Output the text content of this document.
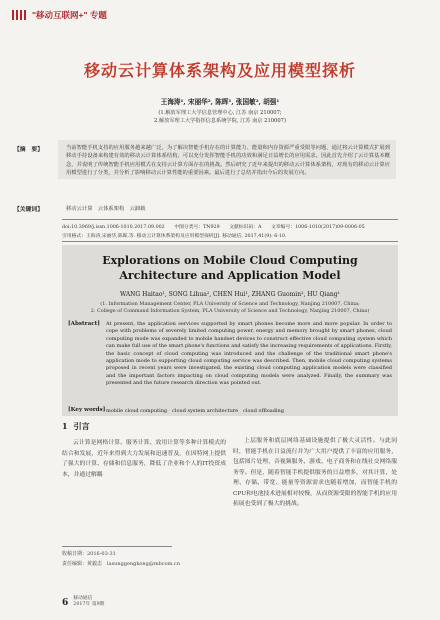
"移动互联网+" 专题
移动云计算体系架构及应用模型探析
王海涛¹, 宋丽华², 陈晖¹, 张国敏², 胡强¹
(1.解放军理工大学信息管理中心, 江苏 南京 210007;
2.解放军理工大学指挥信息系统学院, 江苏 南京 210007)
【摘　要】	当前智能手机支持的应用服务越来越广泛，为了解决智能手机存在的计算能力、能量和内存资源严重受限等问题，通过将云计算模式扩展到移动手持设备来构建有效的移动云计算体系结构，可以充分发挥智能手机的功效和满足日益增长的应用需求。因此首先介绍了云计算基本概念，并说明了传统智能手机应用模式在支持云计算方面存在的挑战。然后研究了近年来提出的移动云计算体系架构，对现有的移动云计算应用模型进行了分类，并分析了影响移动云计算性能的重要因素。最后进行了总结并指出今后的发展方向。

【关键词】	移动云计算　云体系架构　云卸载
doi:10.3969/j.issn.1006-1010.2017.09.002　　中图分类号：TN929　　文献标识码：A　　文章编号：1006-1010(2017)09-0006-05
引用格式：王海涛,宋丽华,陈晖,等. 移动云计算体系架构及应用模型探析[J]. 移动通信, 2017,41(9): 6-10.
Explorations on Mobile Cloud Computing Architecture and Application Model
WANG Haitao¹, SONG Lihua², CHEN Hui¹, ZHANG Guomin², HU Qiang¹
(1. Information Management Center, PLA University of Science and Technology, Nanjing 210007, China;
2. College of Command Information System, PLA University of Science and Technology, Nanjing 210007, China)
[Abstract] At present, the application services supported by smart phones become more and more popular. In order to cope with problems of severely limited computing power, energy and memory brought by smart phones, cloud computing mode was expanded to mobile handset devices to construct effective cloud computing system which can make full use of the smart phone's functions and satisfy the increasing requirements of applications. Firstly, the basic concept of cloud computing was introduced and the challenge of the traditional smart phone's application mode to supporting cloud computing service was described. Then, mobile cloud computing systems proposed in recent years were investigated, the existing cloud computing application models were classified and the important factors impacting on cloud computing models were analyzed. Finally, the summary was presented and the future research direction was pointed out.

[Key words] mobile cloud computing　cloud system architecture　cloud offloading
1 引言

云计算是网格计算、服务计算、效用计算等多种计算模式的结合和发展，近年来得到大力发展和迅速普及，在因特网上提供了强大的计算、存储和信息服务，降低了企业和个人的IT投资成本，并通过解耦

上层服务和底层网络基础设施提供了极大灵活性。与此同时，智能手机在日益流行并为广大用户提供了丰富的应用服务，包括图片处理、音视频服务、游戏、电子商务和在线社交网络服务等。但是，随着智能手机提供服务的日益增多，对其计算、处理、存储、带宽、能量等资源需求也随着增加，而智能手机的CPU和电池技术进展相对较慢，从而资源受限的智能手机的应用拓展也受到了极大的挑战。

收稿日期：2016-03-31
责任编辑：黄毅恚　lasunggengkong@mbcom.cn
6 移动通信
2017年 第9期
